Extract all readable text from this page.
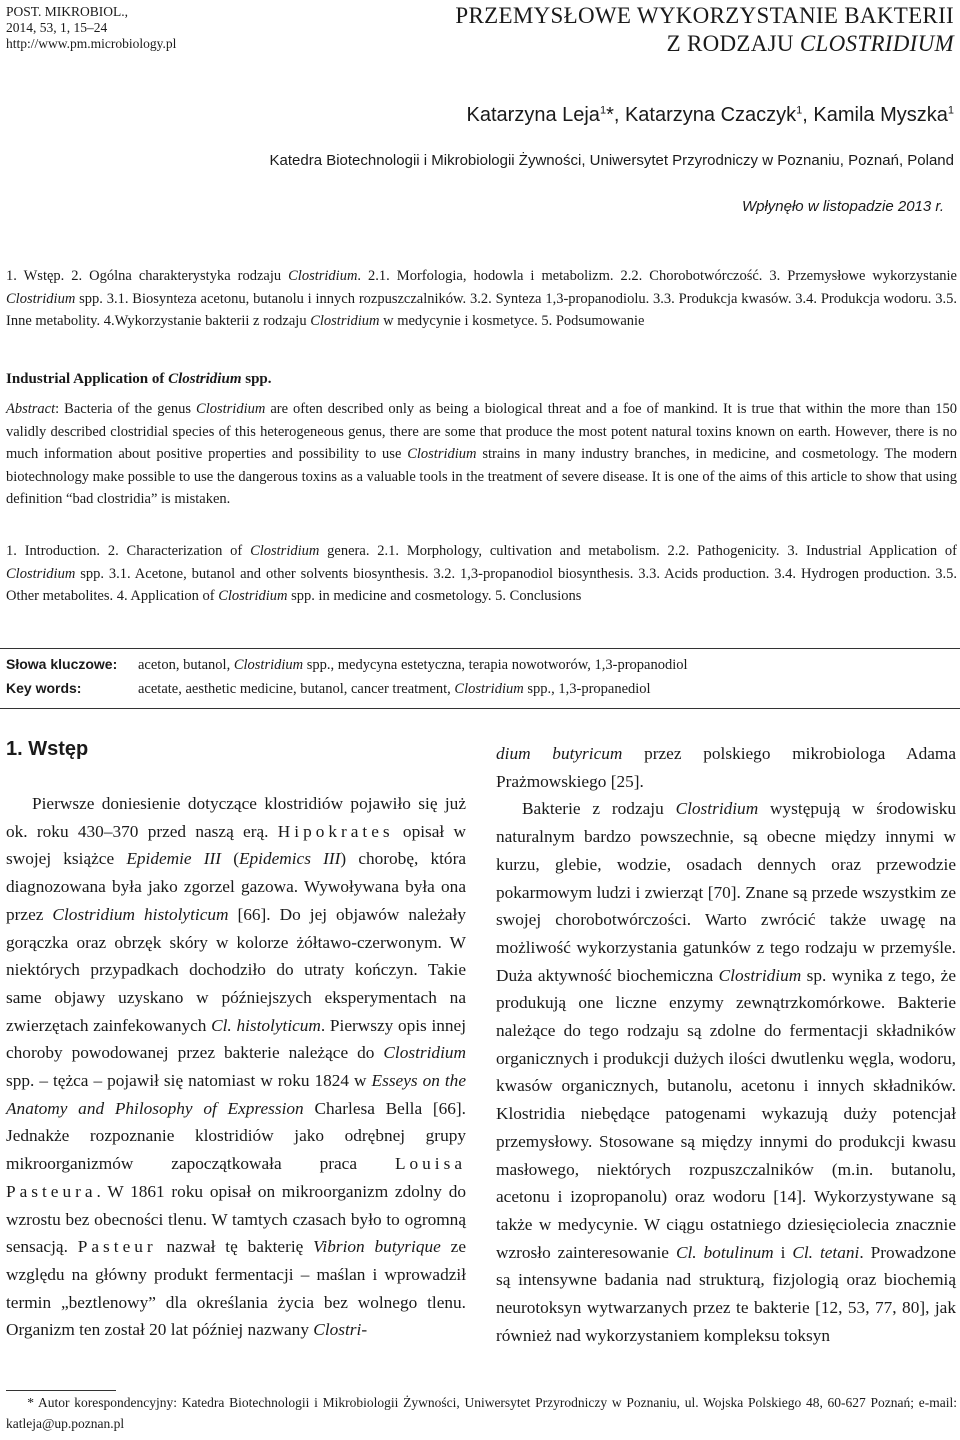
POST. MIKROBIOL.,
2014, 53, 1, 15–24
http://www.pm.microbiology.pl
PRZEMYSŁOWE WYKORZYSTANIE BAKTERII
Z RODZAJU CLOSTRIDIUM
Katarzyna Leja$^1$*, Katarzyna Czaczyk$^1$, Kamila Myszka$^1$
Katedra Biotechnologii i Mikrobiologii Żywności, Uniwersytet Przyrodniczy w Poznaniu, Poznań, Poland
Wpłynęło w listopadzie 2013 r.
1. Wstęp. 2. Ogólna charakterystyka rodzaju Clostridium. 2.1. Morfologia, hodowla i metabolizm. 2.2. Chorobotwórczość. 3. Przemysłowe wykorzystanie Clostridium spp. 3.1. Biosynteza acetonu, butanolu i innych rozpuszczalników. 3.2. Synteza 1,3-propanodiolu. 3.3. Produkcja kwasów. 3.4. Produkcja wodoru. 3.5. Inne metabolity. 4.Wykorzystanie bakterii z rodzaju Clostridium w medycynie i kosmetyce. 5. Podsumowanie
Industrial Application of Clostridium spp.
Abstract: Bacteria of the genus Clostridium are often described only as being a biological threat and a foe of mankind. It is true that within the more than 150 validly described clostridial species of this heterogeneous genus, there are some that produce the most potent natural toxins known on earth. However, there is no much information about positive properties and possibility to use Clostridium strains in many industry branches, in medicine, and cosmetology. The modern biotechnology make possible to use the dangerous toxins as a valuable tools in the treatment of severe disease. It is one of the aims of this article to show that using definition “bad clostridia” is mistaken.
1. Introduction. 2. Characterization of Clostridium genera. 2.1. Morphology, cultivation and metabolism. 2.2. Pathogenicity. 3. Industrial Application of Clostridium spp. 3.1. Acetone, butanol and other solvents biosynthesis. 3.2. 1,3-propanodiol biosynthesis. 3.3. Acids production. 3.4. Hydrogen production. 3.5. Other metabolites. 4. Application of Clostridium spp. in medicine and cosmetology. 5. Conclusions
Słowa kluczowe: aceton, butanol, Clostridium spp., medycyna estetyczna, terapia nowotworów, 1,3-propanodiol
Key words:	acetate, aesthetic medicine, butanol, cancer treatment, Clostridium spp., 1,3-propanediol
1. Wstęp
Pierwsze doniesienie dotyczące klostridiów pojawiło się już ok. roku 430–370 przed naszą erą. Hipokrates opisał w swojej książce Epidemie III (Epidemics III) chorobę, która diagnozowana była jako zgorzel gazowa. Wywoływana była ona przez Clostridium histolyticum [66]. Do jej objawów należały gorączka oraz obrzęk skóry w kolorze żółtawo-czerwonym. W niektórych przypadkach dochodziło do utraty kończyn. Takie same objawy uzyskano w późniejszych eksperymentach na zwierzętach zainfekowanych Cl. histolyticum. Pierwszy opis innej choroby powodowanej przez bakterie należące do Clostridium spp. – tężca – pojawił się natomiast w roku 1824 w Esseys on the Anatomy and Philosophy of Expression Charlesa Bella [66]. Jednakże rozpoznanie klostridiów jako odrębnej grupy mikroorganizmów zapoczątkowała praca Louisa Pasteura. W 1861 roku opisał on mikroorganizm zdolny do wzrostu bez obecności tlenu. W tamtych czasach było to ogromną sensacją. Pasteur nazwał tę bakterię Vibrion butyrique ze względu na główny produkt fermentacji – maślan i wprowadził termin „beztlenowy” dla określania życia bez wolnego tlenu. Organizm ten został 20 lat później nazwany Clostri-
dium butyricum przez polskiego mikrobiologa Adama Prażmowskiego [25].
Bakterie z rodzaju Clostridium występują w środowisku naturalnym bardzo powszechnie, są obecne między innymi w kurzu, glebie, wodzie, osadach dennych oraz przewodzie pokarmowym ludzi i zwierząt [70]. Znane są przede wszystkim ze swojej chorobotwórczości. Warto zwrócić także uwagę na możliwość wykorzystania gatunków z tego rodzaju w przemyśle. Duża aktywność biochemiczna Clostridium sp. wynika z tego, że produkują one liczne enzymy zewnątrzkomórkowe. Bakterie należące do tego rodzaju są zdolne do fermentacji składników organicznych i produkcji dużych ilości dwutlenku węgla, wodoru, kwasów organicznych, butanolu, acetonu i innych składników. Klostridia niebędące patogenami wykazują duży potencjał przemysłowy. Stosowane są między innymi do produkcji kwasu masłowego, niektórych rozpuszczalników (m.in. butanolu, acetonu i izopropanolu) oraz wodoru [14]. Wykorzystywane są także w medycynie. W ciągu ostatniego dziesięciolecia znacznie wzrosło zainteresowanie Cl. botulinum i Cl. tetani. Prowadzone są intensywne badania nad strukturą, fizjologią oraz biochemią neurotoksyn wytwarzanych przez te bakterie [12, 53, 77, 80], jak również nad wykorzystaniem kompleksu toksyn
* Autor korespondencyjny: Katedra Biotechnologii i Mikrobiologii Żywności, Uniwersytet Przyrodniczy w Poznaniu, ul. Wojska Polskiego 48, 60-627 Poznań; e-mail: katleja@up.poznan.pl
